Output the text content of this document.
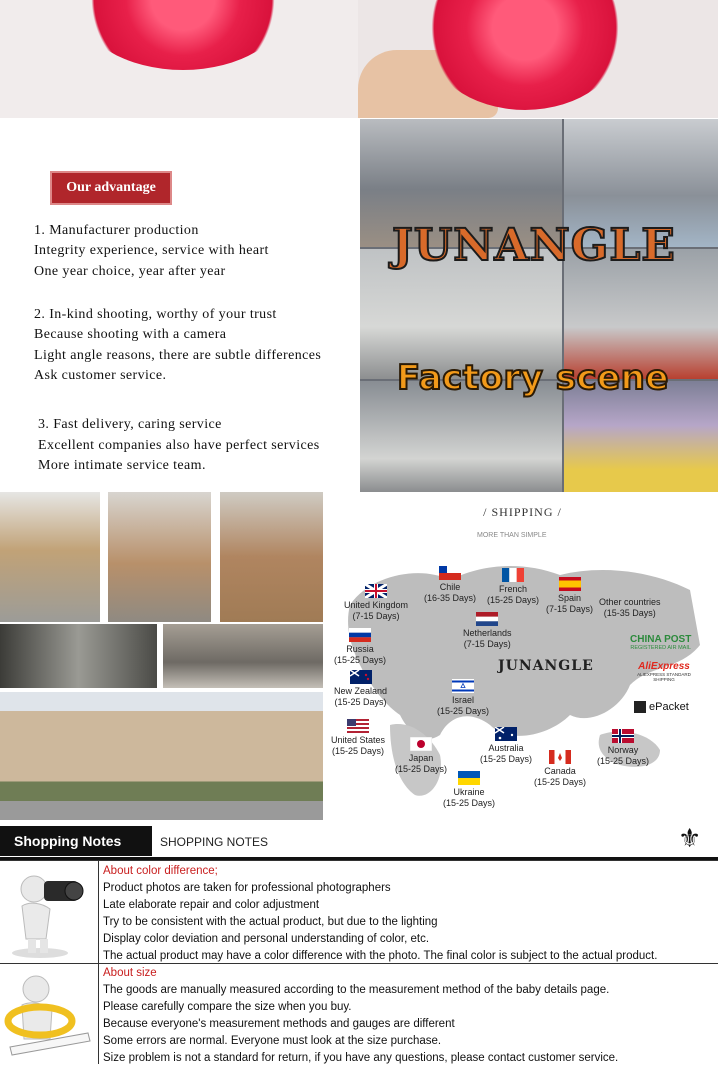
Our advantage
1. Manufacturer production
Integrity experience, service with heart
One year choice, year after year
2. In-kind shooting, worthy of your trust
Because shooting with a camera
Light angle reasons, there are subtle differences
Ask customer service.
3. Fast delivery, caring service
Excellent companies also have perfect services
More intimate service team.
JUNANGLE
Factory scene
/ SHIPPING /
MORE THAN SIMPLE
JUNANGLE
Chile
(16-35 Days)
French
(15-25 Days)	Spain
(7-15 Days)
United Kingdom
(7-15 Days)
Other countries
(15-35 Days)
Netherlands
(7-15 Days)
Russia
(15-25 Days)
New Zealand
(15-25 Days)	Israel
(15-25 Days)
United States
(15-25 Days)	Australia
(15-25 Days)
Japan
(15-25 Days)	Canada
(15-25 Days)
Norway
(15-25 Days)
Ukraine
(15-25 Days)
CHINA POST
REGISTERED AIR MAIL
AliExpress
ALIEXPRESS STANDARD SHIPPING
ePacket
Shopping Notes	SHOPPING NOTES	⚜
About color difference;
Product photos are taken for professional photographers
Late elaborate repair and color adjustment
Try to be consistent with the actual product, but due to the lighting
Display color deviation and personal understanding of color, etc.
The actual product may have a color difference with the photo. The final color is subject to the actual product.
About size
The goods are manually measured according to the measurement method of the baby details page.
Please carefully compare the size when you buy.
Because everyone's measurement methods and gauges are different
Some errors are normal. Everyone must look at the size purchase.
Size problem is not a standard for return, if you have any questions, please contact customer service.
